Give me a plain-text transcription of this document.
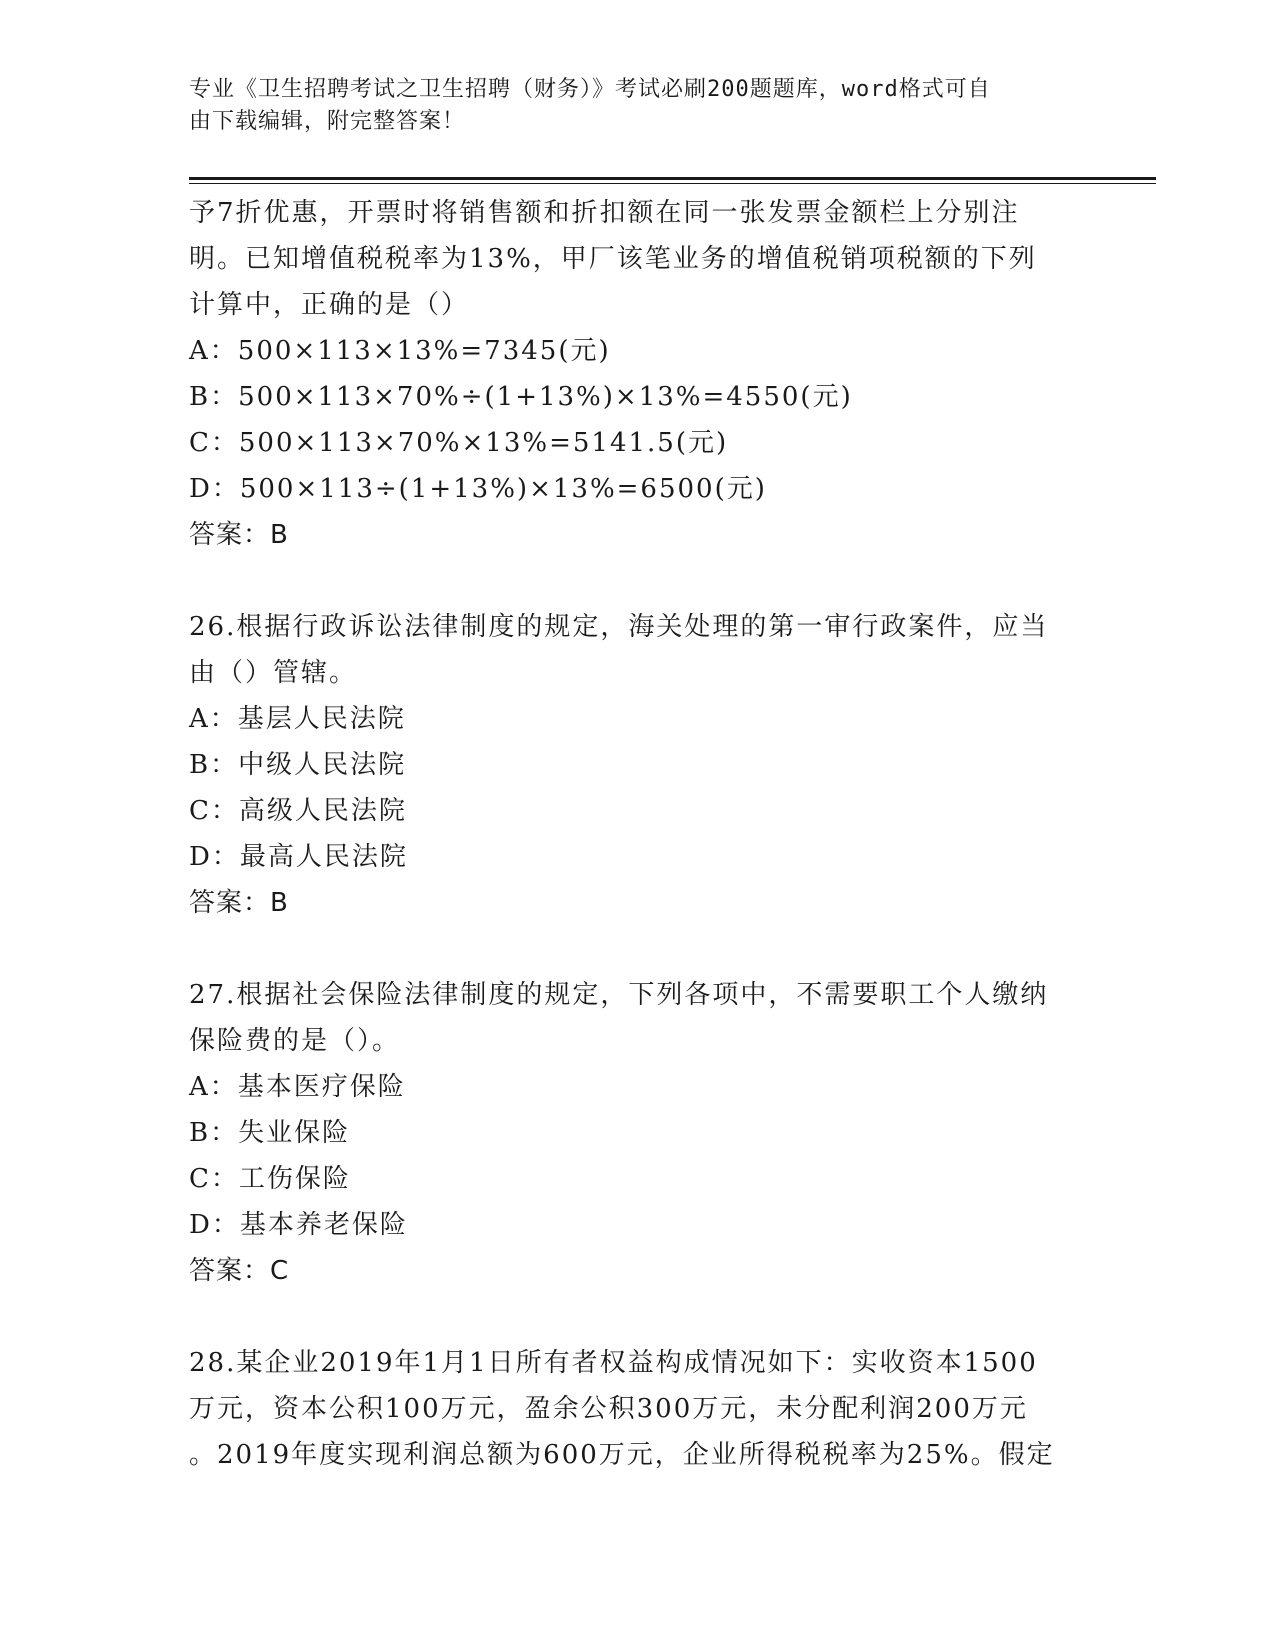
专业《卫生招聘考试之卫生招聘（财务）》考试必刷200题题库，word格式可自
由下载编辑，附完整答案！
予7折优惠，开票时将销售额和折扣额在同一张发票金额栏上分别注
明。已知增值税税率为13%，甲厂该笔业务的增值税销项税额的下列
计算中，正确的是（）
A：500×113×13%=7345(元)
B：500×113×70%÷(1+13%)×13%=4550(元)
C：500×113×70%×13%=5141.5(元)
D：500×113÷(1+13%)×13%=6500(元)
答案：B
26.根据行政诉讼法律制度的规定，海关处理的第一审行政案件，应当
由（）管辖。
A：基层人民法院
B：中级人民法院
C：高级人民法院
D：最高人民法院
答案：B
27.根据社会保险法律制度的规定，下列各项中，不需要职工个人缴纳
保险费的是（）。
A：基本医疗保险
B：失业保险
C：工伤保险
D：基本养老保险
答案：C
28.某企业2019年1月1日所有者权益构成情况如下：实收资本1500
万元，资本公积100万元，盈余公积300万元，未分配利润200万元
。2019年度实现利润总额为600万元，企业所得税税率为25%。假定
